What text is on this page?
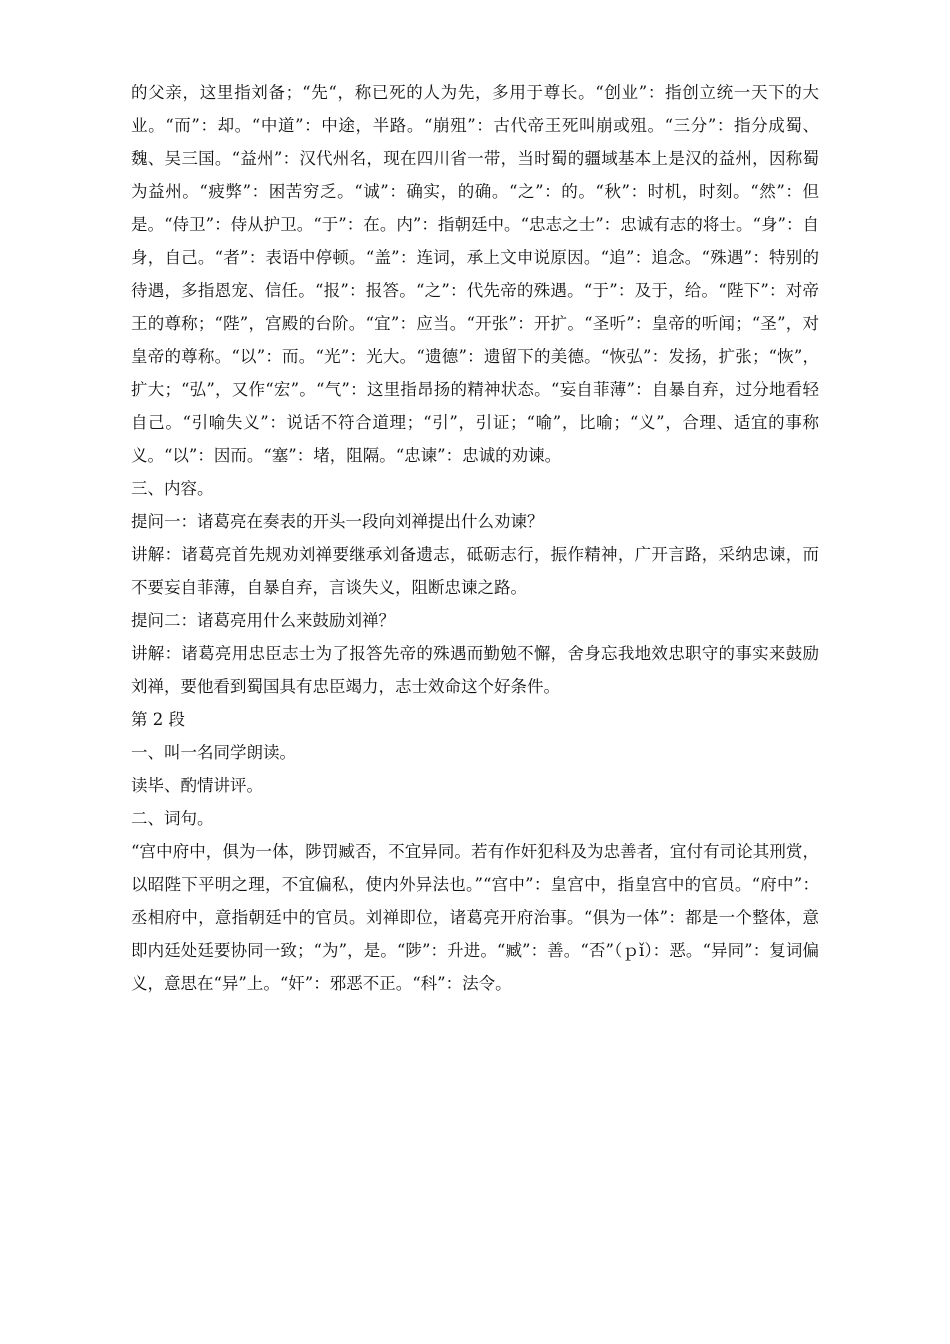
的父亲，这里指刘备；“先“，称已死的人为先，多用于尊长。“创业”：指创立统一天下的大业。“而”：却。“中道”：中途，半路。“崩殂”：古代帝王死叫崩或殂。“三分”：指分成蜀、魏、吴三国。“益州”：汉代州名，现在四川省一带，当时蜀的疆域基本上是汉的益州，因称蜀为益州。“疲弊”：困苦穷乏。“诚”：确实，的确。“之”：的。“秋”：时机，时刻。“然”：但是。“侍卫”：侍从护卫。“于”：在。内”：指朝廷中。“忠志之士”：忠诚有志的将士。“身”：自身，自己。“者”：表语中停顿。“盖”：连词，承上文申说原因。“追”：追念。“殊遇”：特别的待遇，多指恩宠、信任。“报”：报答。“之”：代先帝的殊遇。“于”：及于，给。“陛下”：对帝王的尊称；“陛”，宫殿的台阶。“宜”：应当。“开张”：开扩。“圣听”：皇帝的听闻；“圣”，对皇帝的尊称。“以”：而。“光”：光大。“遗德”：遗留下的美德。“恢弘”：发扬，扩张；“恢”，扩大；“弘”，又作“宏”。“气”：这里指昂扬的精神状态。“妄自菲薄”：自暴自弃，过分地看轻自己。“引喻失义”：说话不符合道理；“引”，引证；“喻”，比喻；“义”，合理、适宜的事称义。“以”：因而。“塞”：堵，阻隔。“忠谏”：忠诚的劝谏。

三、内容。

提问一：诸葛亮在奏表的开头一段向刘禅提出什么劝谏？

讲解：诸葛亮首先规劝刘禅要继承刘备遗志，砥砺志行，振作精神，广开言路，采纳忠谏，而不要妄自菲薄，自暴自弃，言谈失义，阻断忠谏之路。

提问二：诸葛亮用什么来鼓励刘禅？

讲解：诸葛亮用忠臣志士为了报答先帝的殊遇而勤勉不懈，舍身忘我地效忠职守的事实来鼓励刘禅，要他看到蜀国具有忠臣竭力，志士效命这个好条件。

第 2 段

一、叫一名同学朗读。

读毕、酌情讲评。

二、词句。

“宫中府中，俱为一体，陟罚臧否，不宜异同。若有作奸犯科及为忠善者，宜付有司论其刑赏，以昭陛下平明之理，不宜偏私，使内外异法也。”“宫中”：皇宫中，指皇宫中的官员。“府中”：丞相府中，意指朝廷中的官员。刘禅即位，诸葛亮开府治事。“俱为一体”：都是一个整体，意即内廷处廷要协同一致；“为”，是。“陟”：升进。“臧”：善。“否”（ｐǐ）：恶。“异同”：复词偏义，意思在“异”上。“奸”：邪恶不正。“科”：法令。
